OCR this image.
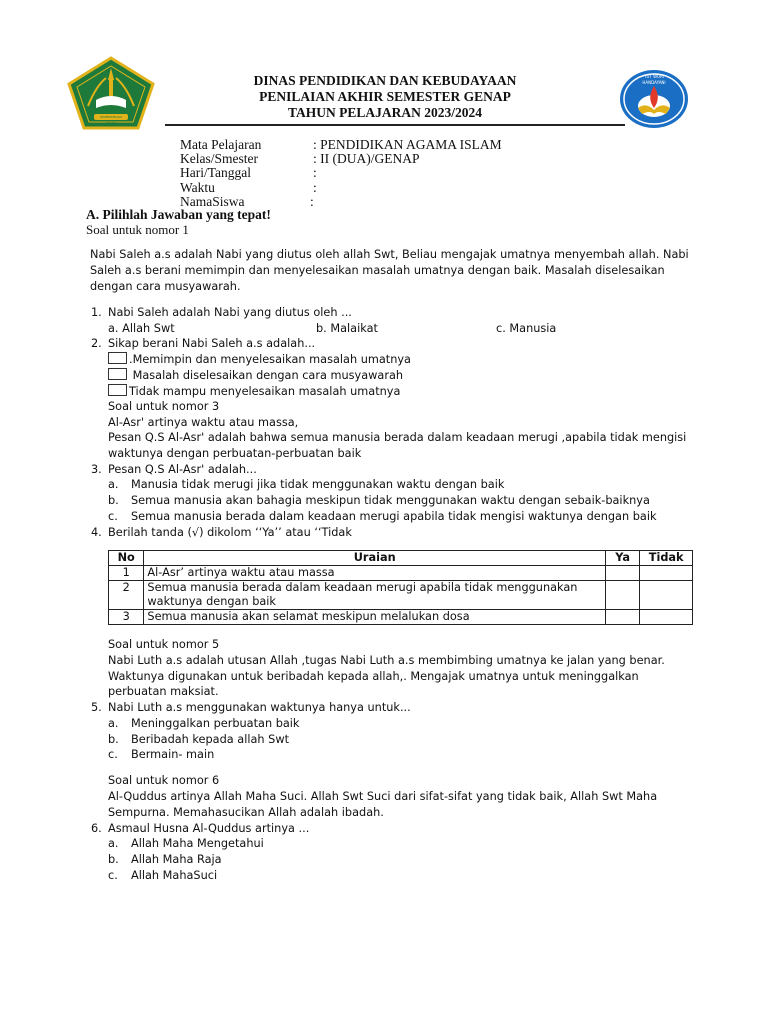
KEMENTERIAN AGAMA
TUT WURI HANDAYANI
DINAS PENDIDIKAN DAN KEBUDAYAAN
PENILAIAN AKHIR SEMESTER GENAP
TAHUN PELAJARAN 2023/2024
Mata Pelajaran	: PENDIDIKAN AGAMA ISLAM
Kelas/Smester	: II (DUA)/GENAP
Hari/Tanggal	:
Waktu	:
NamaSiswa	:
A. Pilihlah Jawaban yang tepat!
Soal untuk nomor 1
Nabi Saleh a.s adalah Nabi yang diutus oleh allah Swt, Beliau mengajak umatnya menyembah allah. Nabi
Saleh a.s berani memimpin dan menyelesaikan masalah umatnya dengan baik. Masalah diselesaikan
dengan cara musyawarah.
1. Nabi Saleh adalah Nabi yang diutus oleh ...
a. Allah Swt	b. Malaikat	c. Manusia
2. Sikap berani Nabi Saleh a.s adalah...
.Memimpin dan menyelesaikan masalah umatnya
Masalah diselesaikan dengan cara musyawarah
Tidak mampu menyelesaikan masalah umatnya
Soal untuk nomor 3
Al-Asr' artinya waktu atau massa,
Pesan Q.S Al-Asr' adalah bahwa semua manusia berada dalam keadaan merugi ,apabila tidak mengisi
waktunya dengan perbuatan-perbuatan baik
3. Pesan Q.S Al-Asr' adalah...
a. Manusia tidak merugi jika tidak menggunakan waktu dengan baik
b. Semua manusia akan bahagia meskipun tidak menggunakan waktu dengan sebaik-baiknya
c. Semua manusia berada dalam keadaan merugi apabila tidak mengisi waktunya dengan baik
4. Berilah tanda (√) dikolom ‘‘Ya’’ atau ‘‘Tidak
No	Uraian	Ya	Tidak
1	Al-Asr’ artinya waktu atau massa		
2	Semua manusia berada dalam keadaan merugi apabila tidak menggunakan
waktunya dengan baik		

3	Semua manusia akan selamat meskipun melalukan dosa		
Soal untuk nomor 5
Nabi Luth a.s adalah utusan Allah ,tugas Nabi Luth a.s membimbing umatnya ke jalan yang benar.
Waktunya digunakan untuk beribadah kepada allah,. Mengajak umatnya untuk meninggalkan
perbuatan maksiat.
5. Nabi Luth a.s menggunakan waktunya hanya untuk...
a. Meninggalkan perbuatan baik
b. Beribadah kepada allah Swt
c. Bermain- main
Soal untuk nomor 6
Al-Quddus artinya Allah Maha Suci. Allah Swt Suci dari sifat-sifat yang tidak baik, Allah Swt Maha
Sempurna. Memahasucikan Allah adalah ibadah.
6. Asmaul Husna Al-Quddus artinya ...
a. Allah Maha Mengetahui
b. Allah Maha Raja
c. Allah MahaSuci
